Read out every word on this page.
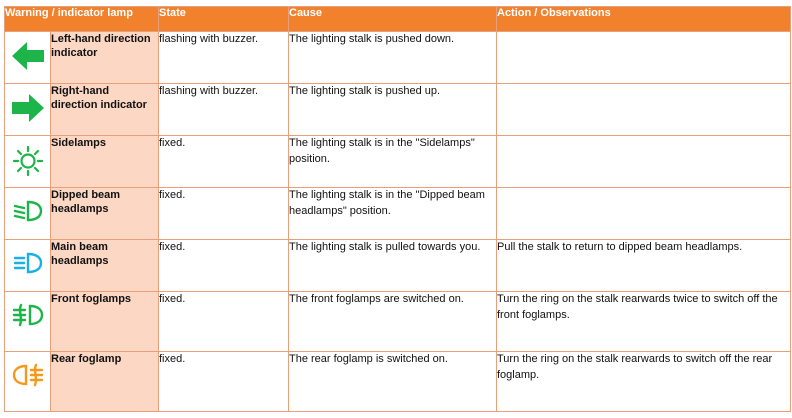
Warning / indicator lamp		State	Cause	Action / Observations

	Left-hand direction indicator	flashing with buzzer.	The lighting stalk is pushed down.	

	Right-hand direction indicator	flashing with buzzer.	The lighting stalk is pushed up.	

	Sidelamps	fixed.	The lighting stalk is in the "Sidelamps" position.	

	Dipped beam headlamps	fixed.	The lighting stalk is in the "Dipped beam headlamps" position.	

	Main beam headlamps	fixed.	The lighting stalk is pulled towards you.	Pull the stalk to return to dipped beam headlamps.

	Front foglamps	fixed.	The front foglamps are switched on.	Turn the ring on the stalk rearwards twice to switch off the front foglamps.

	Rear foglamp	fixed.	The rear foglamp is switched on.	Turn the ring on the stalk rearwards to switch off the rear foglamp.
